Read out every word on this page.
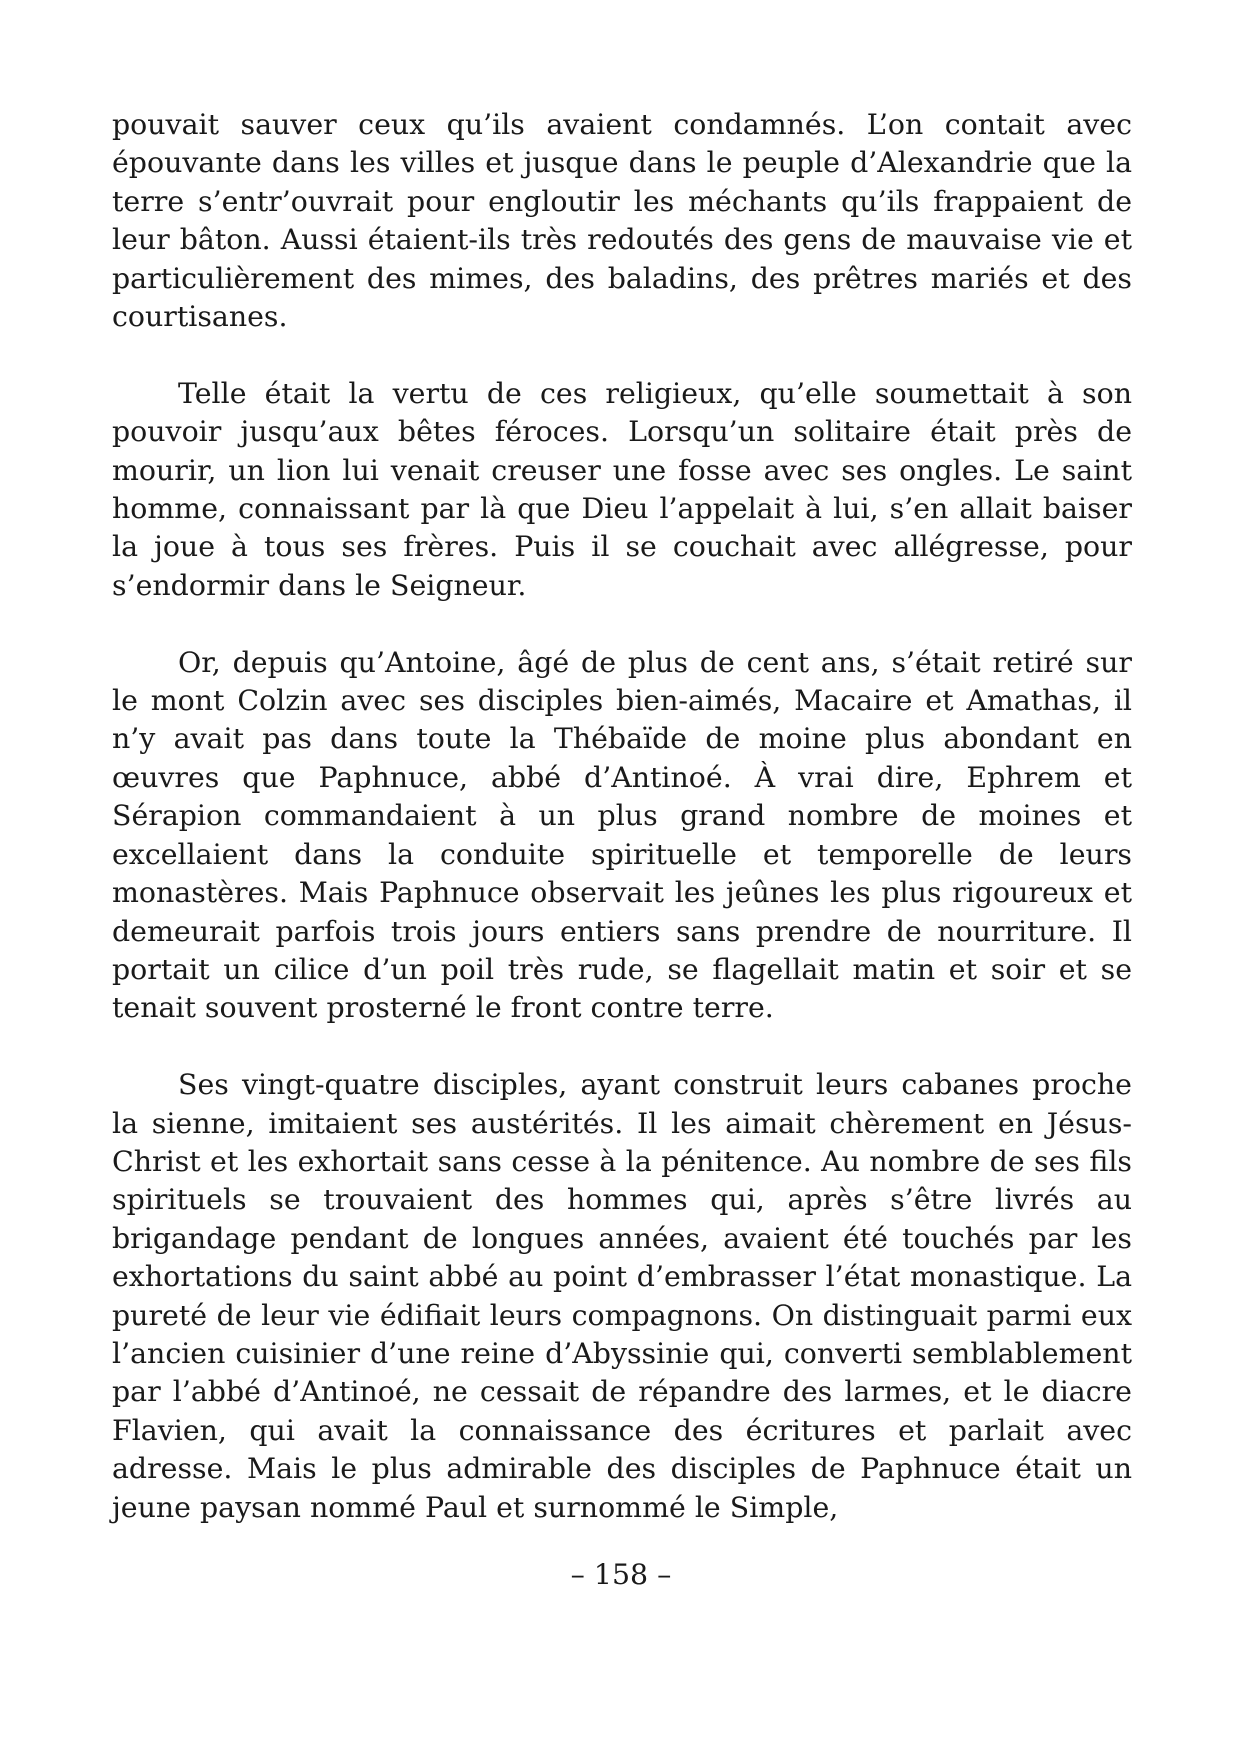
pouvait sauver ceux qu’ils avaient condamnés. L’on contait avec épouvante dans les villes et jusque dans le peuple d’Alexandrie que la terre s’entr’ouvrait pour engloutir les méchants qu’ils frappaient de leur bâton. Aussi étaient-ils très redoutés des gens de mauvaise vie et particulièrement des mimes, des baladins, des prêtres mariés et des courtisanes.

Telle était la vertu de ces religieux, qu’elle soumettait à son pouvoir jusqu’aux bêtes féroces. Lorsqu’un solitaire était près de mourir, un lion lui venait creuser une fosse avec ses ongles. Le saint homme, connaissant par là que Dieu l’appelait à lui, s’en allait baiser la joue à tous ses frères. Puis il se couchait avec allégresse, pour s’endormir dans le Seigneur.

Or, depuis qu’Antoine, âgé de plus de cent ans, s’était retiré sur le mont Colzin avec ses disciples bien-aimés, Macaire et Amathas, il n’y avait pas dans toute la Thébaïde de moine plus abondant en œuvres que Paphnuce, abbé d’Antinoé. À vrai dire, Ephrem et Sérapion commandaient à un plus grand nombre de moines et excellaient dans la conduite spirituelle et temporelle de leurs monastères. Mais Paphnuce observait les jeûnes les plus rigoureux et demeurait parfois trois jours entiers sans prendre de nourriture. Il portait un cilice d’un poil très rude, se flagellait matin et soir et se tenait souvent prosterné le front contre terre.

Ses vingt-quatre disciples, ayant construit leurs cabanes proche la sienne, imitaient ses austérités. Il les aimait chèrement en Jésus-Christ et les exhortait sans cesse à la pénitence. Au nombre de ses fils spirituels se trouvaient des hommes qui, après s’être livrés au brigandage pendant de longues années, avaient été touchés par les exhortations du saint abbé au point d’embrasser l’état monastique. La pureté de leur vie édifiait leurs compagnons. On distinguait parmi eux l’ancien cuisinier d’une reine d’Abyssinie qui, converti semblablement par l’abbé d’Antinoé, ne cessait de répandre des larmes, et le diacre Flavien, qui avait la connaissance des écritures et parlait avec adresse. Mais le plus admirable des disciples de Paphnuce était un jeune paysan nommé Paul et surnommé le Simple,

– 158 –
